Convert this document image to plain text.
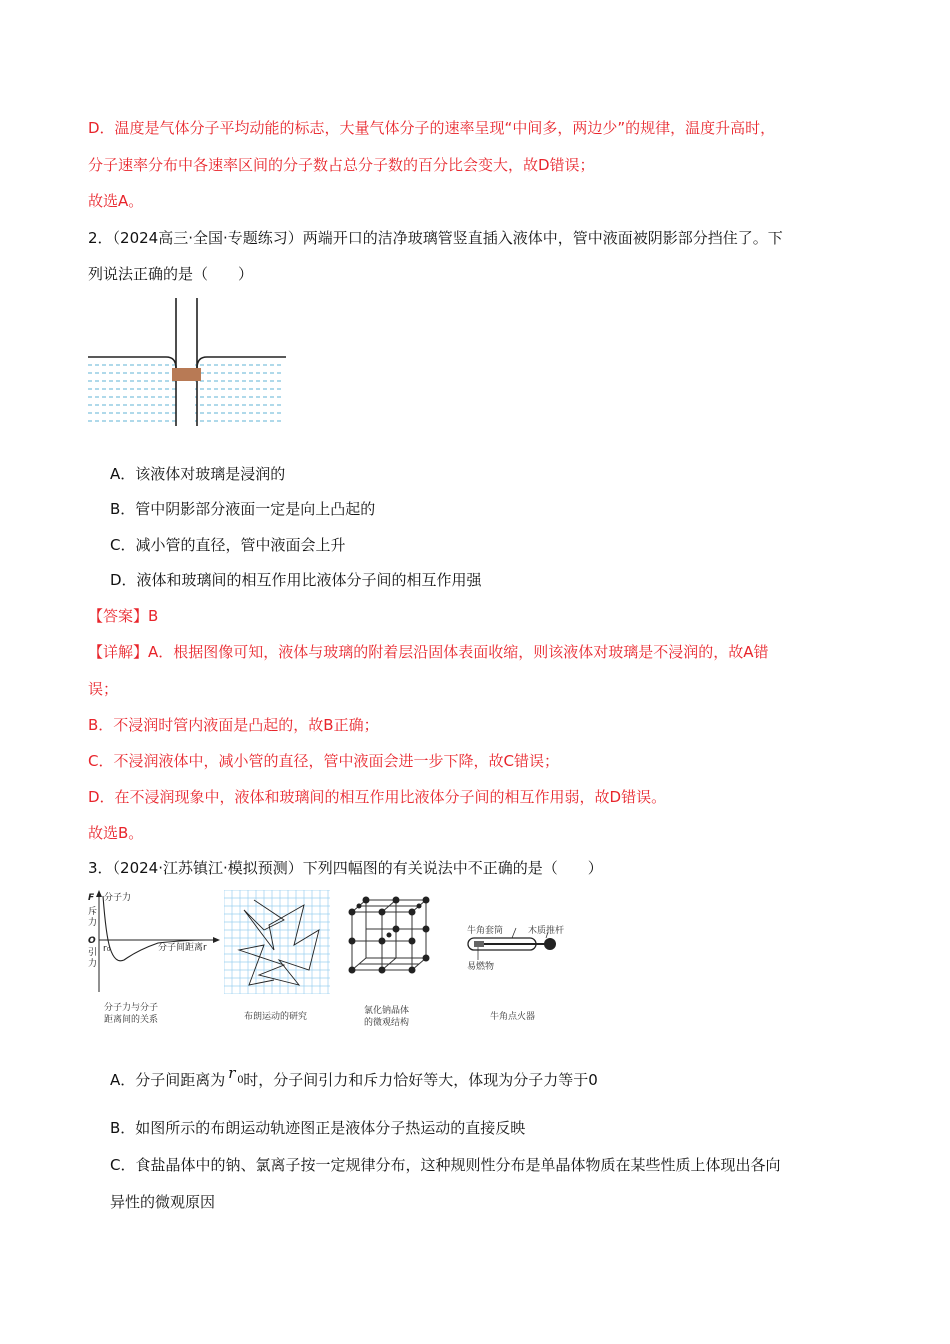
D．温度是气体分子平均动能的标志，大量气体分子的速率呈现“中间多，两边少”的规律，温度升高时，
分子速率分布中各速率区间的分子数占总分子数的百分比会变大，故D错误；
故选A。
2．（2024高三·全国·专题练习）两端开口的洁净玻璃管竖直插入液体中，管中液面被阴影部分挡住了。下
列说法正确的是（　　）
A．该液体对玻璃是浸润的
B．管中阴影部分液面一定是向上凸起的
C．减小管的直径，管中液面会上升
D．液体和玻璃间的相互作用比液体分子间的相互作用强
【答案】B
【详解】A．根据图像可知，液体与玻璃的附着层沿固体表面收缩，则该液体对玻璃是不浸润的，故A错
误；
B．不浸润时管内液面是凸起的，故B正确；
C．不浸润液体中，减小管的直径，管中液面会进一步下降，故C错误；
D．在不浸润现象中，液体和玻璃间的相互作用比液体分子间的相互作用弱，故D错误。
故选B。
3．（2024·江苏镇江·模拟预测）下列四幅图的有关说法中不正确的是（　　）
F 分子力
斥
力
O
引
力
r₀	分子间距离r
分子力与分子
距离间的关系	布朗运动的研究
氯化钠晶体
的微观结构
牛角套筒	木质推杆
易燃物
牛角点火器
A．分子间距离为 r 0 时，分子间引力和斥力恰好等大，体现为分子力等于0
B．如图所示的布朗运动轨迹图正是液体分子热运动的直接反映
C．食盐晶体中的钠、氯离子按一定规律分布，这种规则性分布是单晶体物质在某些性质上体现出各向
异性的微观原因
